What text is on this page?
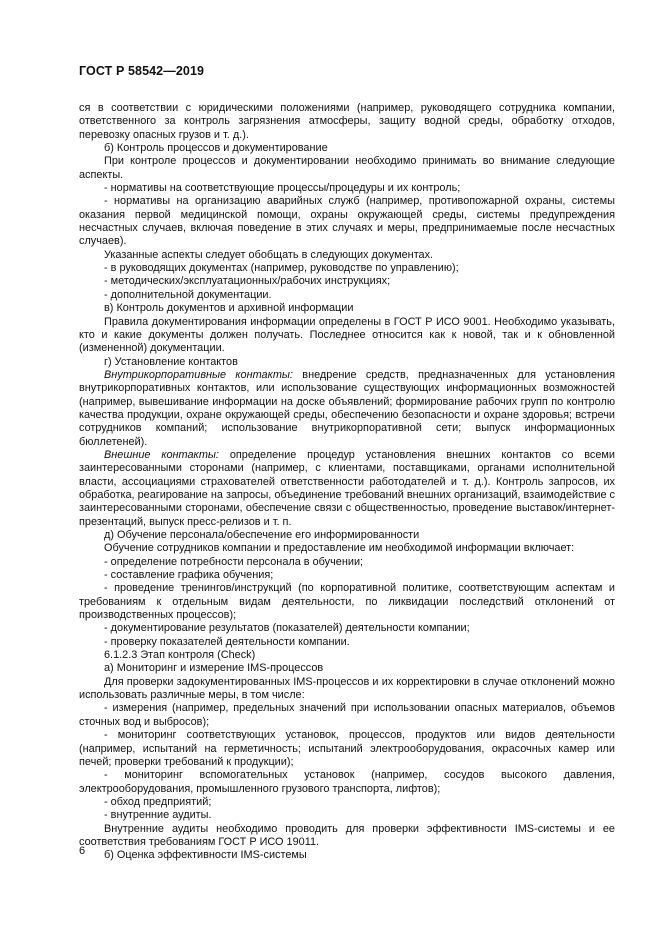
ГОСТ Р 58542—2019

ся в соответствии с юридическими положениями (например, руководящего сотрудника компании, ответственного за контроль загрязнения атмосферы, защиту водной среды, обработку отходов, перевозку опасных грузов и т. д.).

б) Контроль процессов и документирование

При контроле процессов и документировании необходимо принимать во внимание следующие аспекты.

- нормативы на соответствующие процессы/процедуры и их контроль;

- нормативы на организацию аварийных служб (например, противопожарной охраны, системы оказания первой медицинской помощи, охраны окружающей среды, системы предупреждения несчастных случаев, включая поведение в этих случаях и меры, предпринимаемые после несчастных случаев).

Указанные аспекты следует обобщать в следующих документах.

- в руководящих документах (например, руководстве по управлению);

- методических/эксплуатационных/рабочих инструкциях;

- дополнительной документации.

в) Контроль документов и архивной информации

Правила документирования информации определены в ГОСТ Р ИСО 9001. Необходимо указывать, кто и какие документы должен получать. Последнее относится как к новой, так и к обновленной (измененной) документации.

г) Установление контактов

Внутрикорпоративные контакты: внедрение средств, предназначенных для установления внутрикорпоративных контактов, или использование существующих информационных возможностей (например, вывешивание информации на доске объявлений; формирование рабочих групп по контролю качества продукции, охране окружающей среды, обеспечению безопасности и охране здоровья; встречи сотрудников компаний; использование внутрикорпоративной сети; выпуск информационных бюллетеней).

Внешние контакты: определение процедур установления внешних контактов со всеми заинтересованными сторонами (например, с клиентами, поставщиками, органами исполнительной власти, ассоциациями страхователей ответственности работодателей и т. д.). Контроль запросов, их обработка, реагирование на запросы, объединение требований внешних организаций, взаимодействие с заинтересованными сторонами, обеспечение связи с общественностью, проведение выставок/интернет-презентаций, выпуск пресс-релизов и т. п.

д) Обучение персонала/обеспечение его информированности

Обучение сотрудников компании и предоставление им необходимой информации включает:

- определение потребности персонала в обучении;

- составление графика обучения;

- проведение тренингов/инструкций (по корпоративной политике, соответствующим аспектам и требованиям к отдельным видам деятельности, по ликвидации последствий отклонений от производственных процессов);

- документирование результатов (показателей) деятельности компании;

- проверку показателей деятельности компании.

6.1.2.3 Этап контроля (Check)

а) Мониторинг и измерение IMS-процессов

Для проверки задокументированных IMS-процессов и их корректировки в случае отклонений можно использовать различные меры, в том числе:

- измерения (например, предельных значений при использовании опасных материалов, объемов сточных вод и выбросов);

- мониторинг соответствующих установок, процессов, продуктов или видов деятельности (например, испытаний на герметичность; испытаний электрооборудования, окрасочных камер или печей; проверки требований к продукции);

- мониторинг вспомогательных установок (например, сосудов высокого давления, электрооборудования, промышленного грузового транспорта, лифтов);

- обход предприятий;

- внутренние аудиты.

Внутренние аудиты необходимо проводить для проверки эффективности IMS-системы и ее соответствия требованиям ГОСТ Р ИСО 19011.

б) Оценка эффективности IMS-системы

6
